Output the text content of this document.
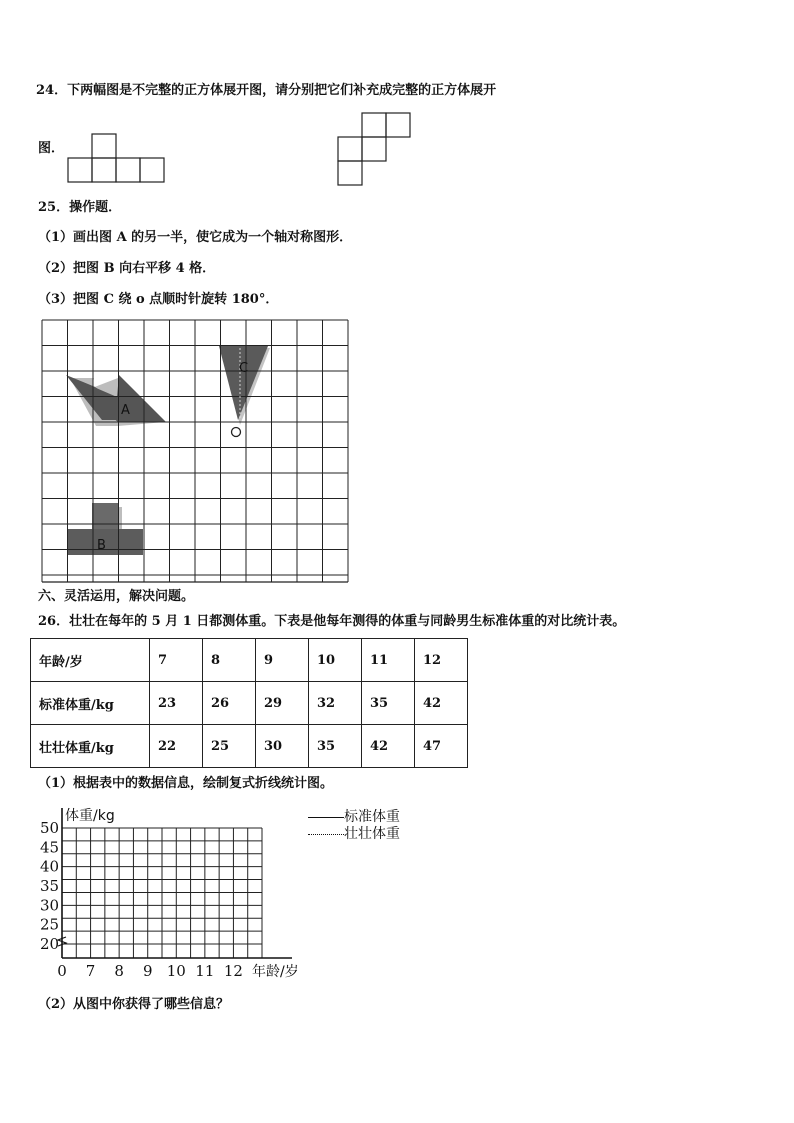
24．下两幅图是不完整的正方体展开图，请分别把它们补充成完整的正方体展开
图．
25．操作题．
（1）画出图 A 的另一半，使它成为一个轴对称图形．
（2）把图 B 向右平移 4 格．
（3）把图 C 绕 o 点顺时针旋转 180°．
A
B
C
六、灵活运用，解决问题。
26．壮壮在每年的 5 月 1 日都测体重。下表是他每年测得的体重与同龄男生标准体重的对比统计表。
年龄/岁	7	8	9	10	11	12
标准体重/kg	23	26	29	32	35	42
壮壮体重/kg	22	25	30	35	42	47
（1）根据表中的数据信息，绘制复式折线统计图。
体重/kg
20
25
30
35
40
45
50
0 7 8 9 10 11 12 年龄/岁
标准体重
壮壮体重
（2）从图中你获得了哪些信息？
